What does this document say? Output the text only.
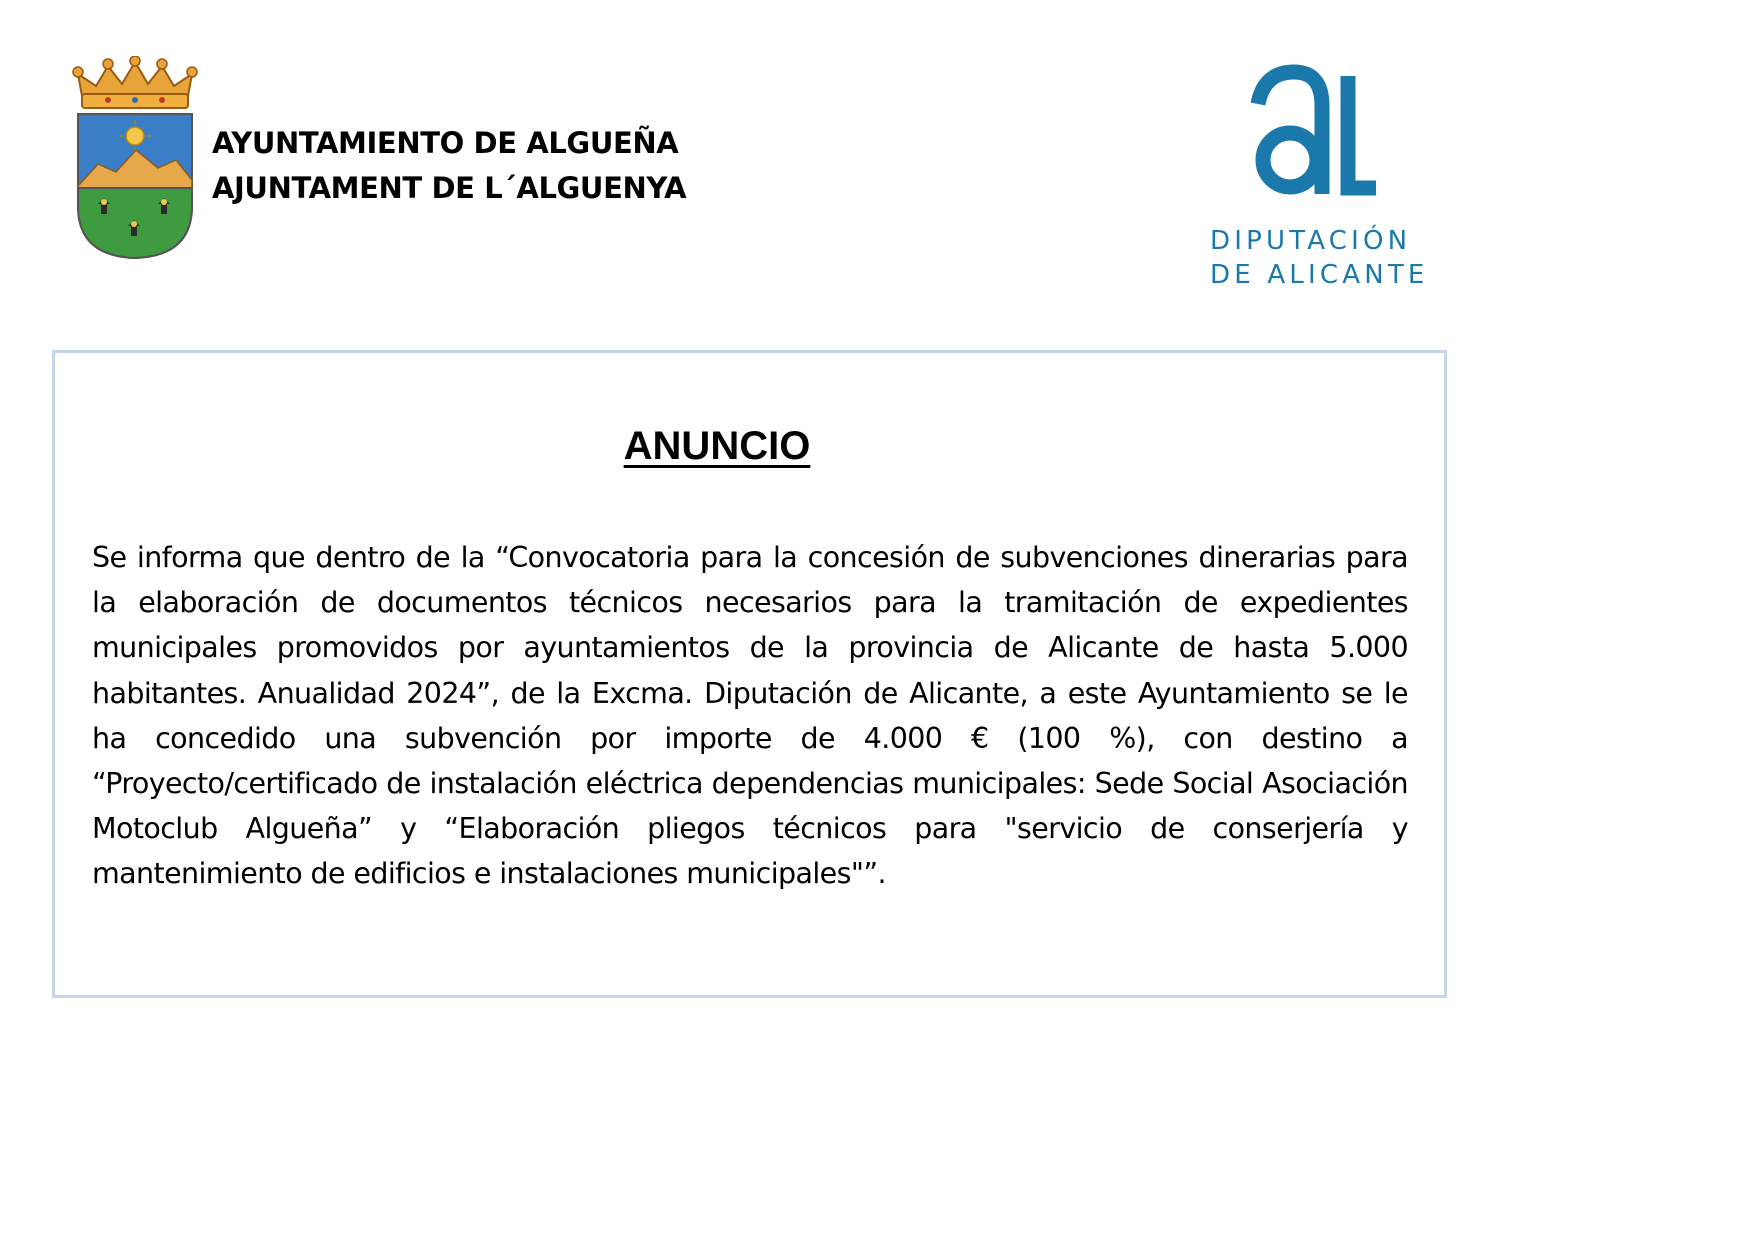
AYUNTAMIENTO DE ALGUEÑA
AJUNTAMENT DE L´ALGUENYA
DIPUTACIÓN
DE ALICANTE
ANUNCIO

Se informa que dentro de la “Convocatoria para la concesión de subvenciones dinerarias para la elaboración de documentos técnicos necesarios para la tramitación de expedientes municipales promovidos por ayuntamientos de la provincia de Alicante de hasta 5.000 habitantes. Anualidad 2024”, de la Excma. Diputación de Alicante, a este Ayuntamiento se le ha concedido una subvención por importe de 4.000 € (100 %), con destino a “Proyecto/certificado de instalación eléctrica dependencias municipales: Sede Social Asociación Motoclub Algueña” y “Elaboración pliegos técnicos para "servicio de conserjería y mantenimiento de edificios e instalaciones municipales"”.
